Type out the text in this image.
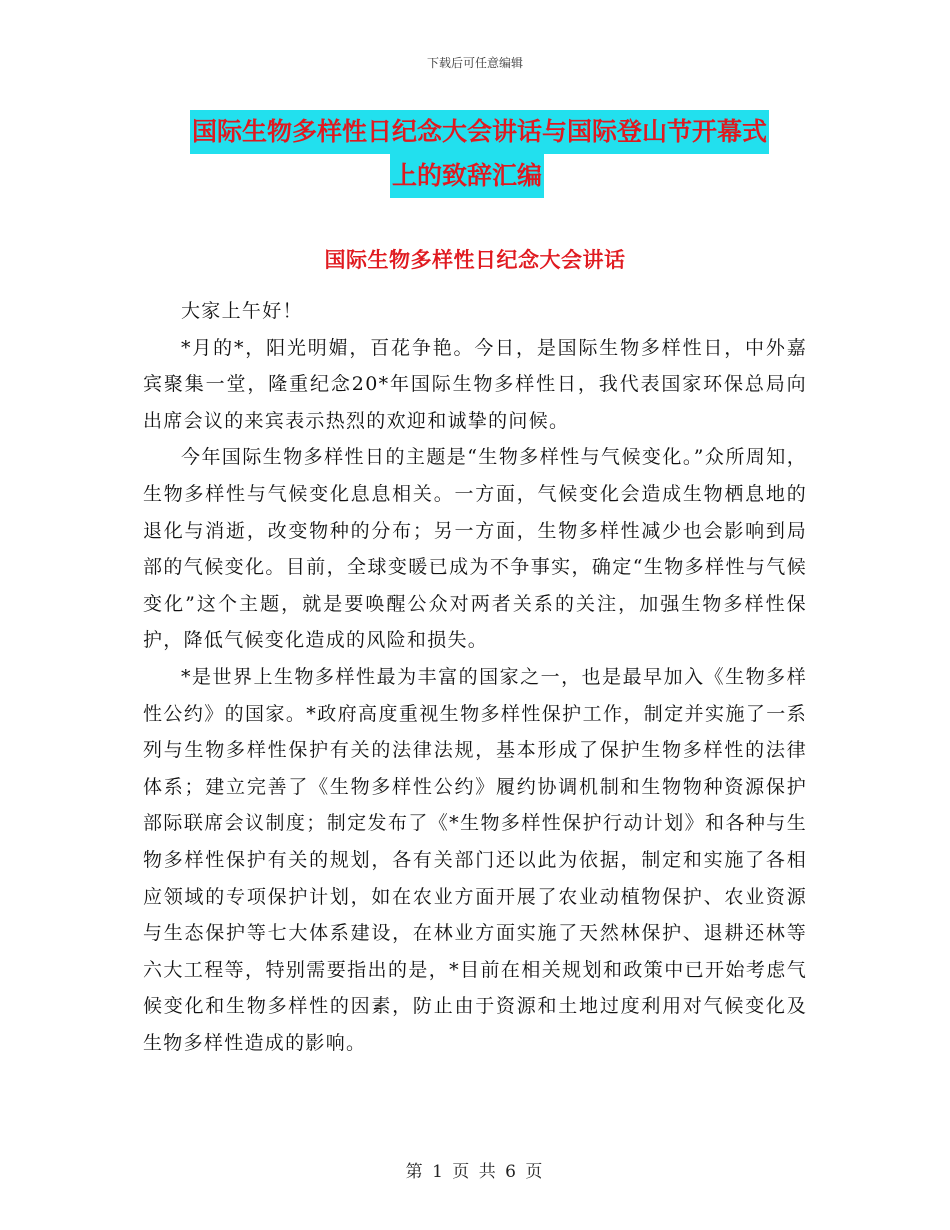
下载后可任意编辑
国际生物多样性日纪念大会讲话与国际登山节开幕式
上的致辞汇编
国际生物多样性日纪念大会讲话

大家上午好！

*月的*，阳光明媚，百花争艳。今日，是国际生物多样性日，中外嘉宾聚集一堂，隆重纪念20*年国际生物多样性日，我代表国家环保总局向出席会议的来宾表示热烈的欢迎和诚挚的问候。

今年国际生物多样性日的主题是“生物多样性与气候变化。”众所周知，生物多样性与气候变化息息相关。一方面，气候变化会造成生物栖息地的退化与消逝，改变物种的分布；另一方面，生物多样性减少也会影响到局部的气候变化。目前，全球变暖已成为不争事实，确定“生物多样性与气候变化”这个主题，就是要唤醒公众对两者关系的关注，加强生物多样性保护，降低气候变化造成的风险和损失。

*是世界上生物多样性最为丰富的国家之一，也是最早加入《生物多样性公约》的国家。*政府高度重视生物多样性保护工作，制定并实施了一系列与生物多样性保护有关的法律法规，基本形成了保护生物多样性的法律体系；建立完善了《生物多样性公约》履约协调机制和生物物种资源保护部际联席会议制度；制定发布了《*生物多样性保护行动计划》和各种与生物多样性保护有关的规划，各有关部门还以此为依据，制定和实施了各相应领域的专项保护计划，如在农业方面开展了农业动植物保护、农业资源与生态保护等七大体系建设，在林业方面实施了天然林保护、退耕还林等六大工程等，特别需要指出的是，*目前在相关规划和政策中已开始考虑气候变化和生物多样性的因素，防止由于资源和土地过度利用对气候变化及生物多样性造成的影响。

第 1 页 共 6 页
